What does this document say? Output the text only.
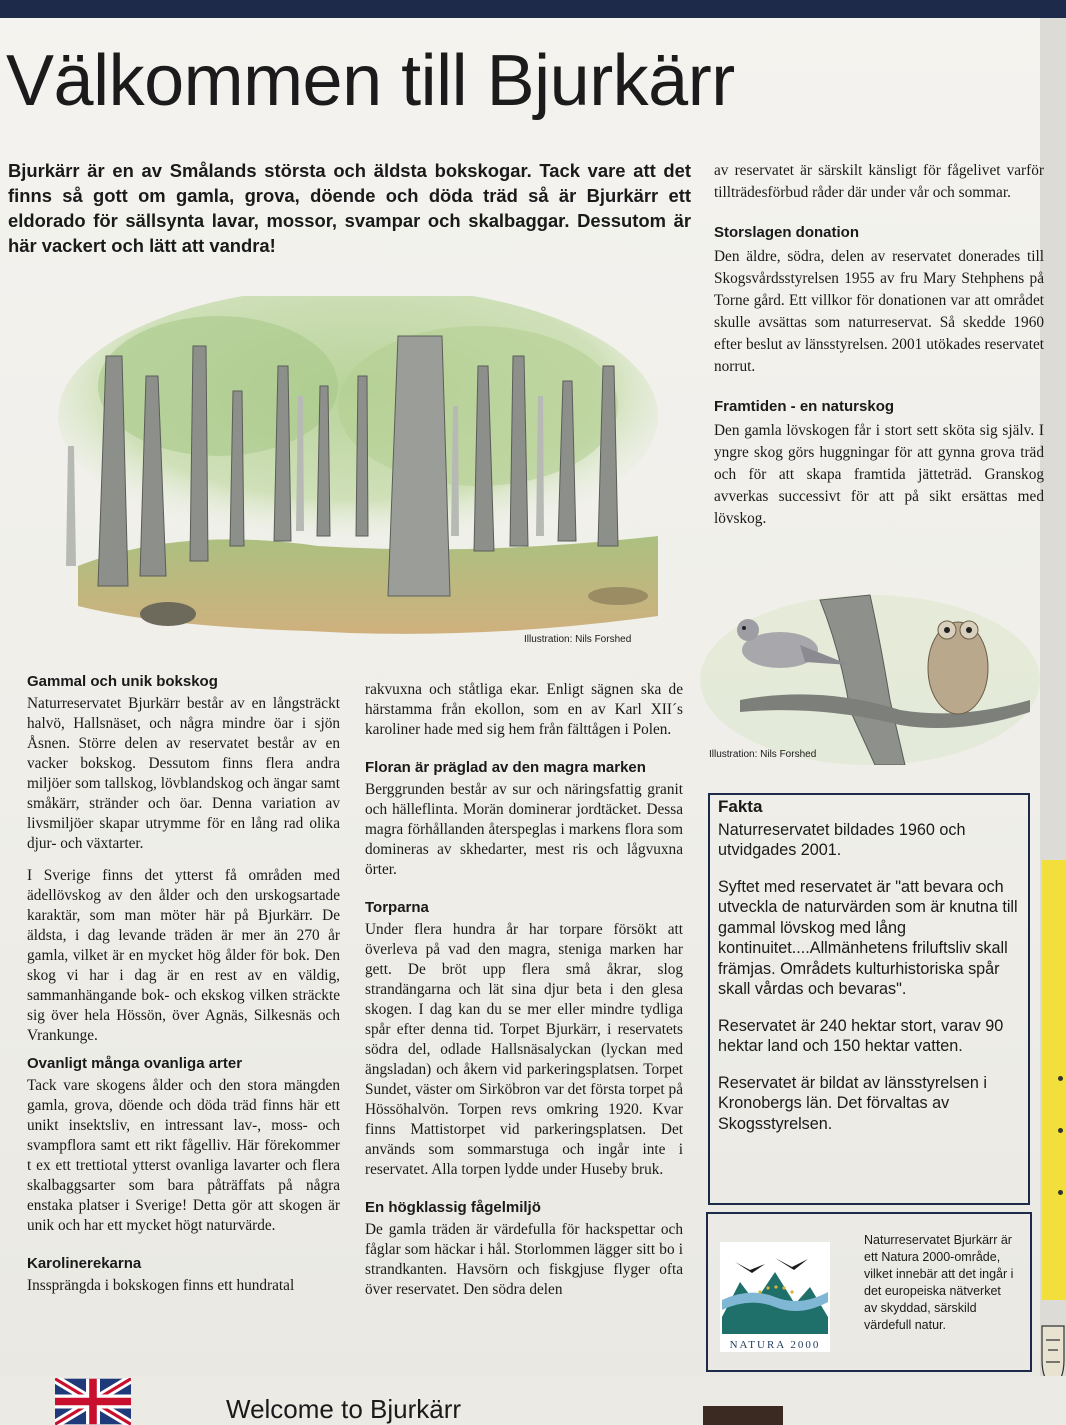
Välkommen till Bjurkärr
Bjurkärr är en av Smålands största och äldsta bokskogar. Tack vare att det finns så gott om gamla, grova, döende och döda träd så är Bjurkärr ett eldorado för sällsynta lavar, mossor, svampar och skalbaggar. Dessutom är här vackert och lätt att vandra!
Illustration: Nils Forshed
Gammal och unik bokskog

Naturreservatet Bjurkärr består av en långsträckt halvö, Hallsnäset, och några mindre öar i sjön Åsnen. Större delen av reservatet består av en vacker bokskog. Dessutom finns flera andra miljöer som tallskog, lövblandskog och ängar samt småkärr, stränder och öar. Denna variation av livsmiljöer skapar utrymme för en lång rad olika djur- och växtarter.

I Sverige finns det ytterst få områden med ädellövskog av den ålder och den urskogsartade karaktär, som man möter här på Bjurkärr. De äldsta, i dag levande träden är mer än 270 år gamla, vilket är en mycket hög ålder för bok. Den skog vi har i dag är en rest av en väldig, sammanhängande bok- och ekskog vilken sträckte sig över hela Hössön, över Agnäs, Silkesnäs och Vrankunge.

Ovanligt många ovanliga arter

Tack vare skogens ålder och den stora mängden gamla, grova, döende och döda träd finns här ett unikt insektsliv, en intressant lav-, moss- och svampflora samt ett rikt fågelliv. Här förekommer t ex ett trettiotal ytterst ovanliga lavarter och flera skalbaggsarter som bara påträffats på några enstaka platser i Sverige! Detta gör att skogen är unik och har ett mycket högt naturvärde.

Karolinerekarna

Inssprängda i bokskogen finns ett hundratal

rakvuxna och ståtliga ekar. Enligt sägnen ska de härstamma från ekollon, som en av Karl XII´s karoliner hade med sig hem från fälttågen i Polen.

Floran är präglad av den magra marken

Berggrunden består av sur och näringsfattig granit och hälleflinta. Morän dominerar jordtäcket. Dessa magra förhållanden återspeglas i markens flora som domineras av skhedarter, mest ris och lågvuxna örter.

Torparna

Under flera hundra år har torpare försökt att överleva på vad den magra, steniga marken har gett. De bröt upp flera små åkrar, slog strandängarna och lät sina djur beta i den glesa skogen. I dag kan du se mer eller mindre tydliga spår efter denna tid. Torpet Bjurkärr, i reservatets södra del, odlade Hallsnäsalyckan (lyckan med ängsladan) och åkern vid parkeringsplatsen. Torpet Sundet, väster om Sirköbron var det första torpet på Hössöhalvön. Torpen revs omkring 1920. Kvar finns Mattistorpet vid parkeringsplatsen. Det används som sommarstuga och ingår inte i reservatet. Alla torpen lydde under Huseby bruk.

En högklassig fågelmiljö

De gamla träden är värdefulla för hackspettar och fåglar som häckar i hål. Storlommen lägger sitt bo i strandkanten. Havsörn och fiskgjuse flyger ofta över reservatet. Den södra delen

av reservatet är särskilt känsligt för fågelivet varför tillträdesförbud råder där under vår och sommar.

Storslagen donation

Den äldre, södra, delen av reservatet donerades till Skogsvårdsstyrelsen 1955 av fru Mary Stehphens på Torne gård. Ett villkor för donationen var att området skulle avsättas som naturreservat. Så skedde 1960 efter beslut av länsstyrelsen. 2001 utökades reservatet norrut.

Framtiden - en naturskog

Den gamla lövskogen får i stort sett sköta sig själv. I yngre skog görs huggningar för att gynna grova träd och för att skapa framtida jätteträd. Granskog avverkas successivt för att på sikt ersättas med lövskog.

Illustration: Nils Forshed
Fakta

Naturreservatet bildades 1960 och utvidgades 2001.

Syftet med reservatet är "att bevara och utveckla de naturvärden som är knutna till gammal lövskog med lång kontinuitet....Allmänhetens friluftsliv skall främjas. Områdets kulturhistoriska spår skall vårdas och bevaras".

Reservatet är 240 hektar stort, varav 90 hektar land och 150 hektar vatten.

Reservatet är bildat av länsstyrelsen i Kronobergs län. Det förvaltas av Skogsstyrelsen.

NATURA 2000
Naturreservatet Bjurkärr är ett Natura 2000-område, vilket innebär att det ingår i det europeiska nätverket av skyddad, särskild värdefull natur.
Welcome to Bjurkärr
